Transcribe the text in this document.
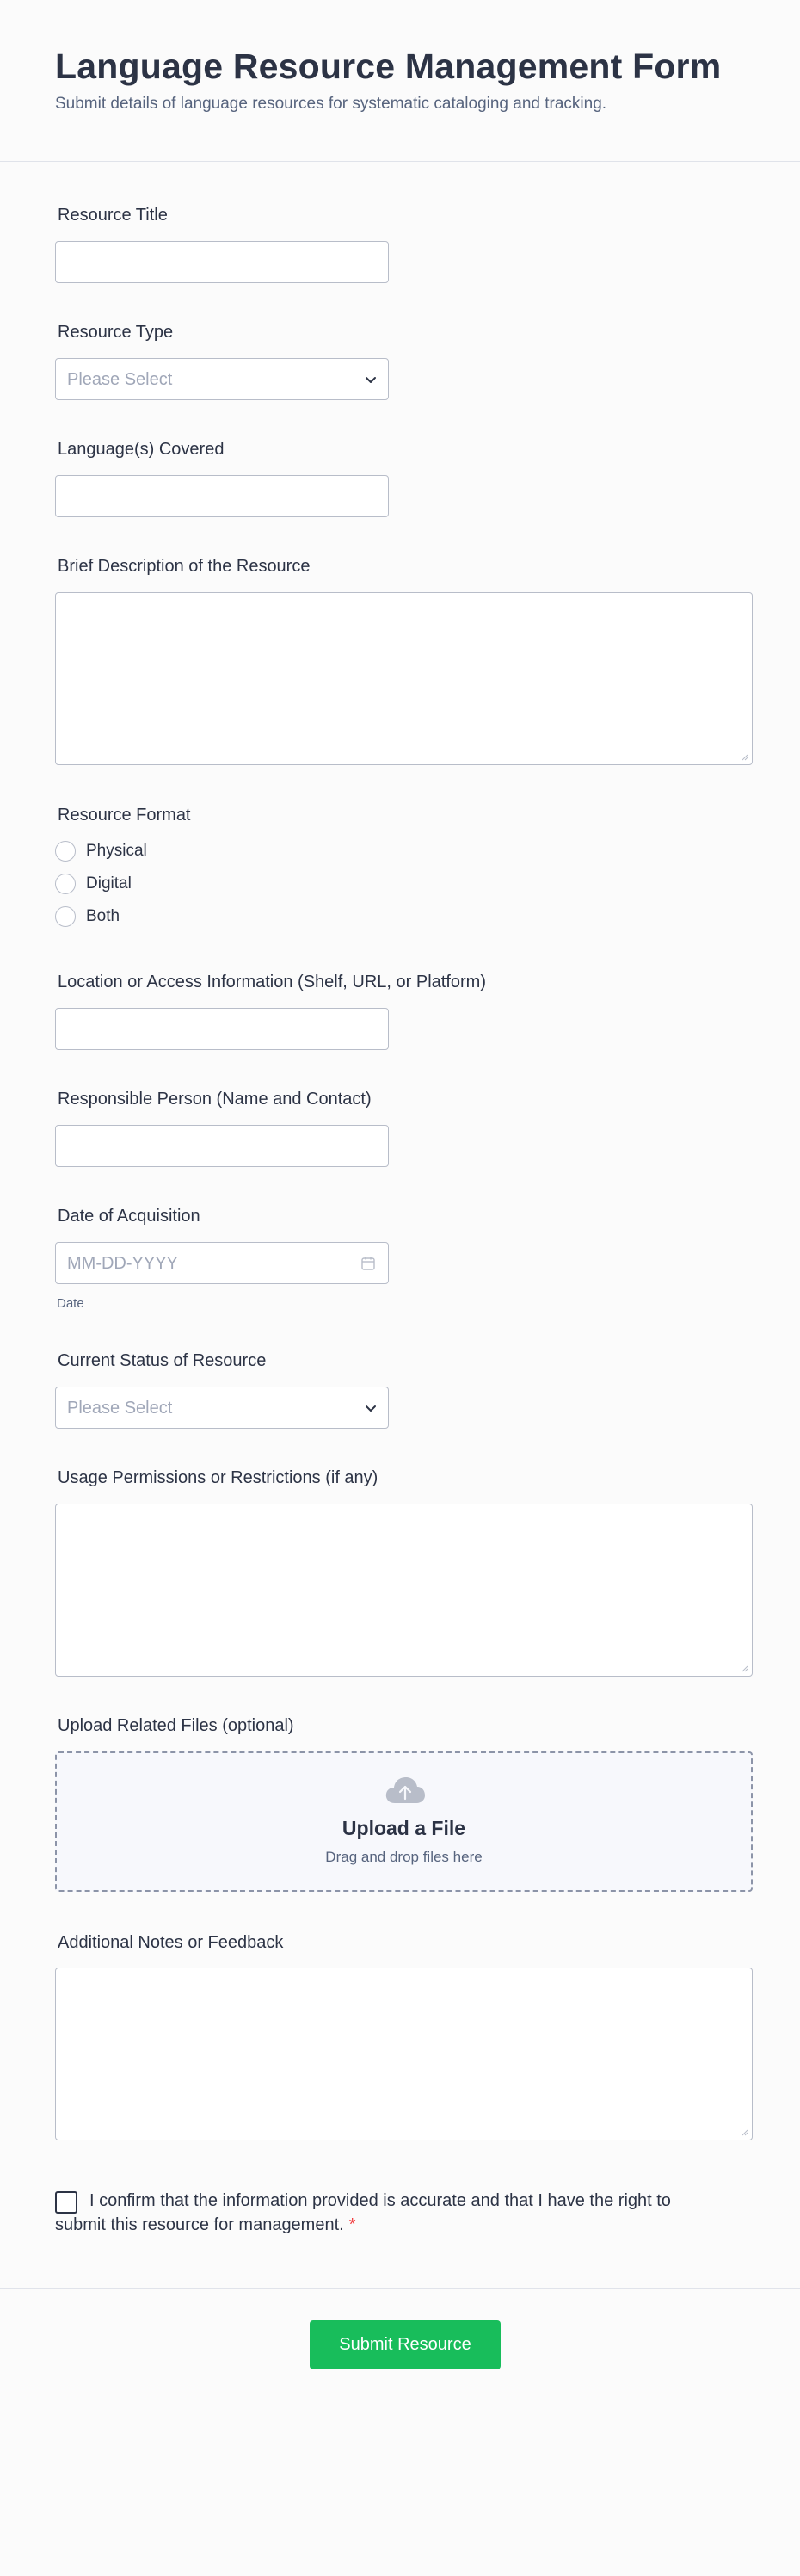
Language Resource Management Form
Submit details of language resources for systematic cataloging and tracking.
Resource Title
Resource Type
Please Select
Language(s) Covered
Brief Description of the Resource
Resource Format
Physical
Digital
Both
Location or Access Information (Shelf, URL, or Platform)
Responsible Person (Name and Contact)
Date of Acquisition
MM-DD-YYYY
Date
Current Status of Resource
Please Select
Usage Permissions or Restrictions (if any)
Upload Related Files (optional)
Upload a File
Drag and drop files here
Additional Notes or Feedback
I confirm that the information provided is accurate and that I have the right to submit this resource for management. *
Submit Resource
